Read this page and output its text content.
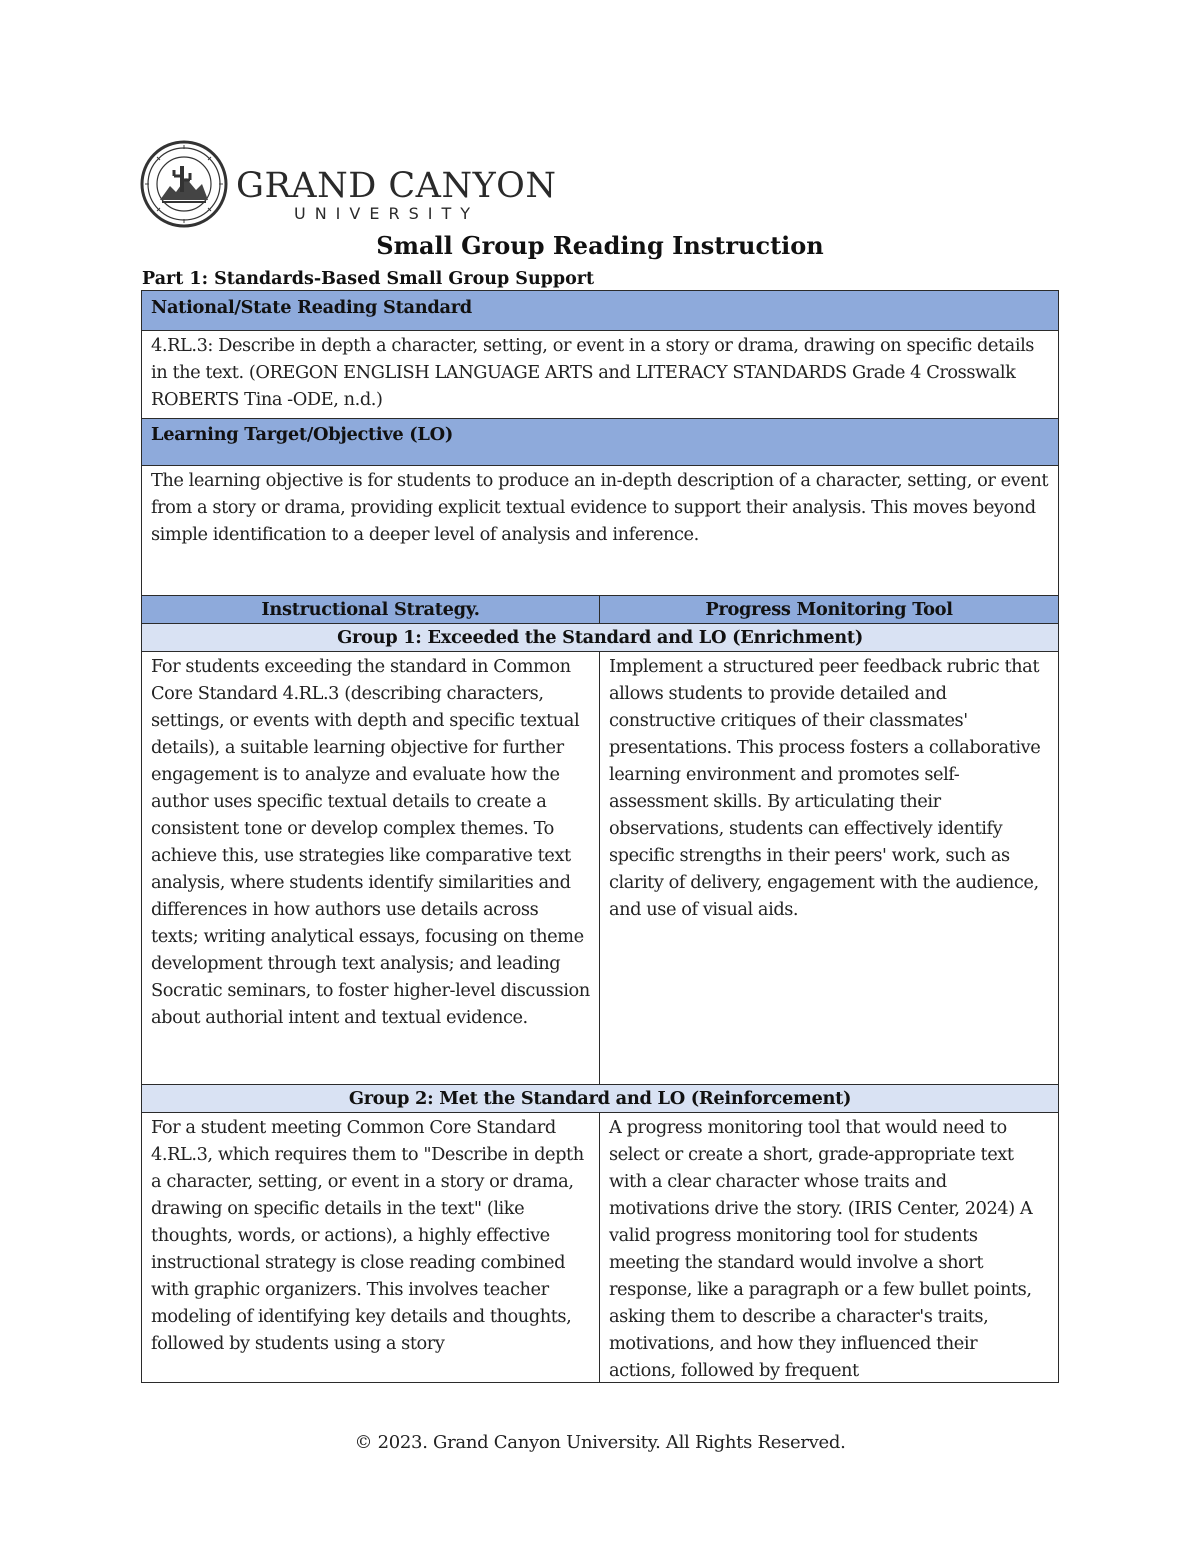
GRAND CANYON
UNIVERSITY
Small Group Reading Instruction
Part 1: Standards-Based Small Group Support
National/State Reading Standard
4.RL.3: Describe in depth a character, setting, or event in a story or drama, drawing on specific details in the text. (OREGON ENGLISH LANGUAGE ARTS and LITERACY STANDARDS Grade 4 Crosswalk ROBERTS Tina -ODE, n.d.)
Learning Target/Objective (LO)
The learning objective is for students to produce an in-depth description of a character, setting, or event from a story or drama, providing explicit textual evidence to support their analysis. This moves beyond simple identification to a deeper level of analysis and inference.
Instructional Strategy.	Progress Monitoring Tool
Group 1: Exceeded the Standard and LO (Enrichment)
For students exceeding the standard in Common Core Standard 4.RL.3 (describing characters, settings, or events with depth and specific textual details), a suitable learning objective for further engagement is to analyze and evaluate how the author uses specific textual details to create a consistent tone or develop complex themes. To achieve this, use strategies like comparative text analysis, where students identify similarities and differences in how authors use details across texts; writing analytical essays, focusing on theme development through text analysis; and leading Socratic seminars, to foster higher-level discussion about authorial intent and textual evidence.
Implement a structured peer feedback rubric that allows students to provide detailed and constructive critiques of their classmates' presentations. This process fosters a collaborative learning environment and promotes self-assessment skills. By articulating their observations, students can effectively identify specific strengths in their peers' work, such as clarity of delivery, engagement with the audience, and use of visual aids.
Group 2: Met the Standard and LO (Reinforcement)
For a student meeting Common Core Standard 4.RL.3, which requires them to "Describe in depth a character, setting, or event in a story or drama, drawing on specific details in the text" (like thoughts, words, or actions), a highly effective instructional strategy is close reading combined with graphic organizers. This involves teacher modeling of identifying key details and thoughts, followed by students using a story
A progress monitoring tool that would need to select or create a short, grade-appropriate text with a clear character whose traits and motivations drive the story. (IRIS Center, 2024) A valid progress monitoring tool for students meeting the standard would involve a short response, like a paragraph or a few bullet points, asking them to describe a character's traits, motivations, and how they influenced their actions, followed by frequent
© 2023. Grand Canyon University. All Rights Reserved.
